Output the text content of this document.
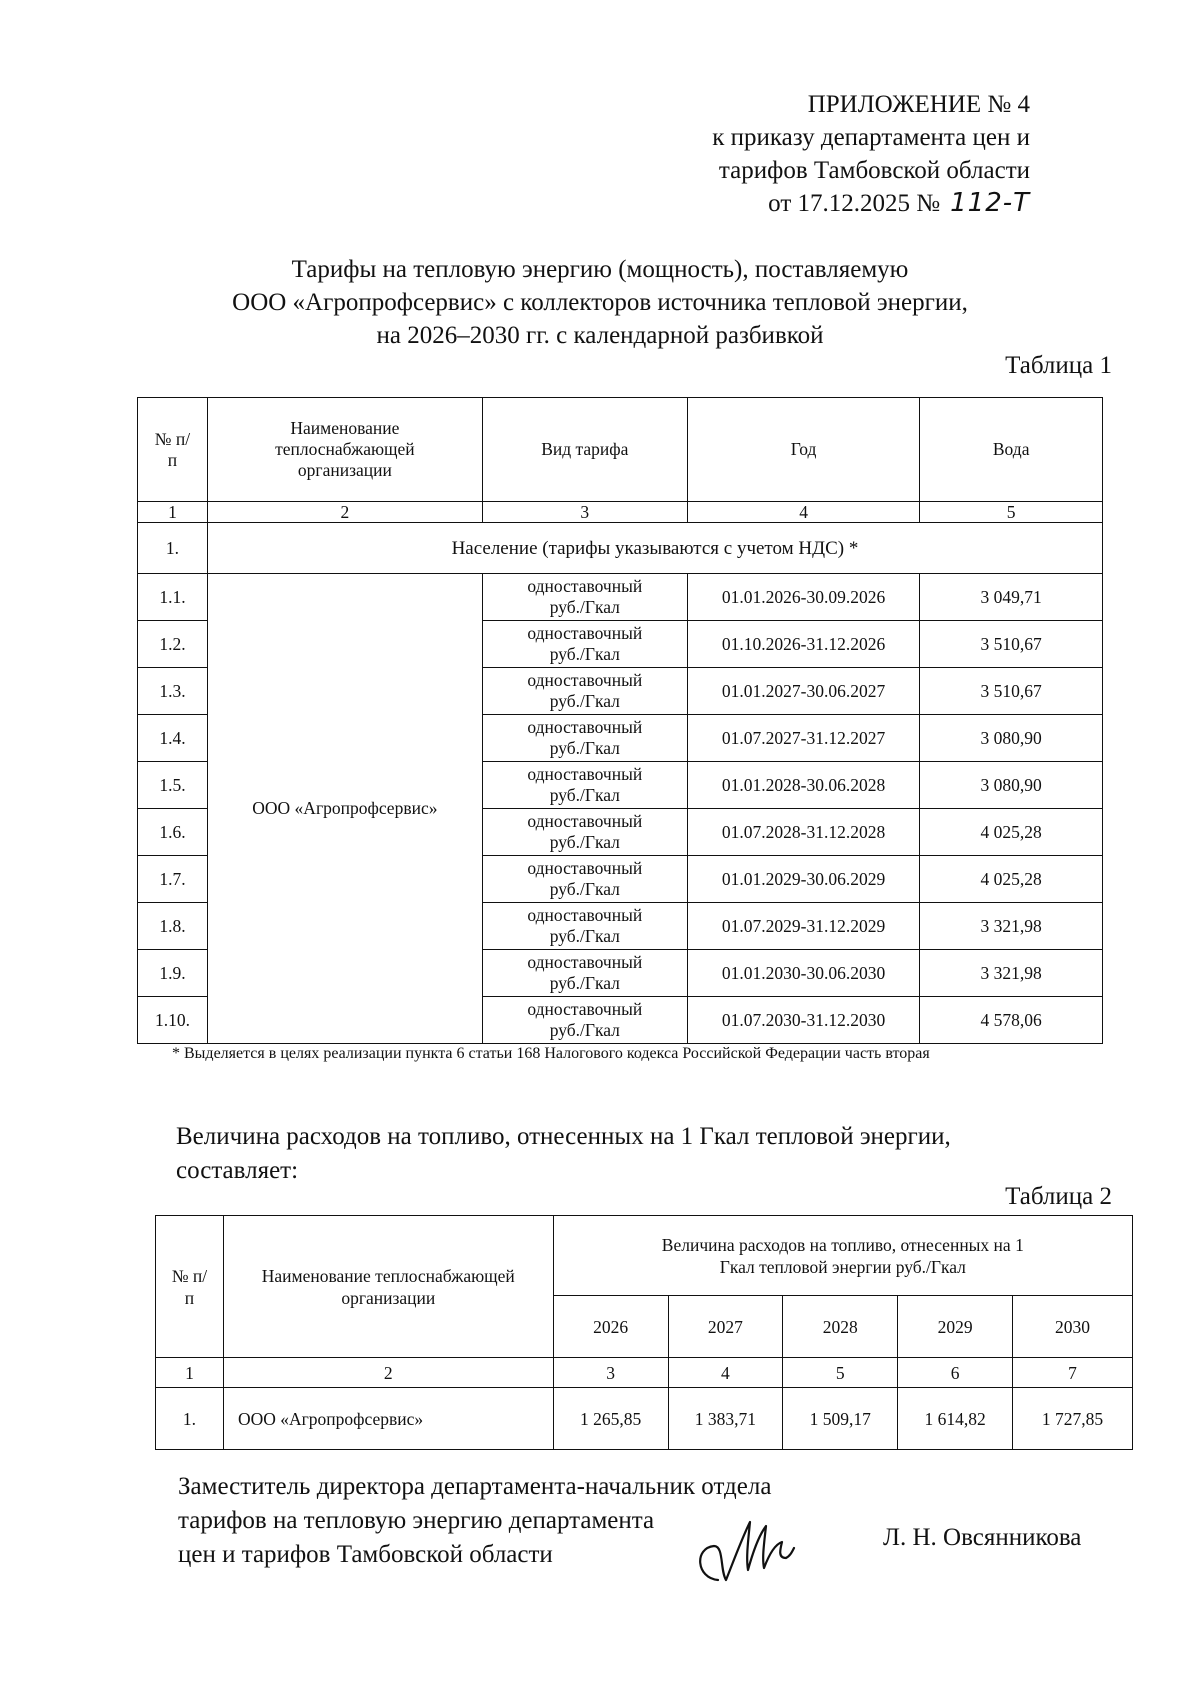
ПРИЛОЖЕНИЕ № 4
к приказу департамента цен и
тарифов Тамбовской области
от 17.12.2025 № 112-Т
Тарифы на тепловую энергию (мощность), поставляемую
ООО «Агропрофсервис» с коллекторов источника тепловой энергии,
на 2026–2030 гг. с календарной разбивкой
Таблица 1
№ п/п	Наименование теплоснабжающей организации	Вид тарифа	Год	Вода
1	2	3	4	5
1.	Население (тарифы указываются с учетом НДС) *			
1.1.	ООО «Агропрофсервис»	одноставочный руб./Гкал	01.01.2026-30.09.2026	3 049,71
1.2.		одноставочный руб./Гкал	01.10.2026-31.12.2026	3 510,67
1.3.		одноставочный руб./Гкал	01.01.2027-30.06.2027	3 510,67
1.4.		одноставочный руб./Гкал	01.07.2027-31.12.2027	3 080,90
1.5.		одноставочный руб./Гкал	01.01.2028-30.06.2028	3 080,90
1.6.		одноставочный руб./Гкал	01.07.2028-31.12.2028	4 025,28
1.7.		одноставочный руб./Гкал	01.01.2029-30.06.2029	4 025,28
1.8.		одноставочный руб./Гкал	01.07.2029-31.12.2029	3 321,98
1.9.		одноставочный руб./Гкал	01.01.2030-30.06.2030	3 321,98
1.10.		одноставочный руб./Гкал	01.07.2030-31.12.2030	4 578,06
* Выделяется в целях реализации пункта 6 статьи 168 Налогового кодекса Российской Федерации часть вторая
Величина расходов на топливо, отнесенных на 1 Гкал тепловой энергии,
составляет:
Таблица 2
№ п/п	Наименование теплоснабжающей организации	Величина расходов на топливо, отнесенных на 1 Гкал тепловой энергии руб./Гкал				
		2026	2027	2028	2029	2030
1	2	3	4	5	6	7
1.	ООО «Агропрофсервис»	1 265,85	1 383,71	1 509,17	1 614,82	1 727,85
Заместитель директора департамента-начальник отдела
тарифов на тепловую энергию департамента
цен и тарифов Тамбовской области
Л. Н. Овсянникова
